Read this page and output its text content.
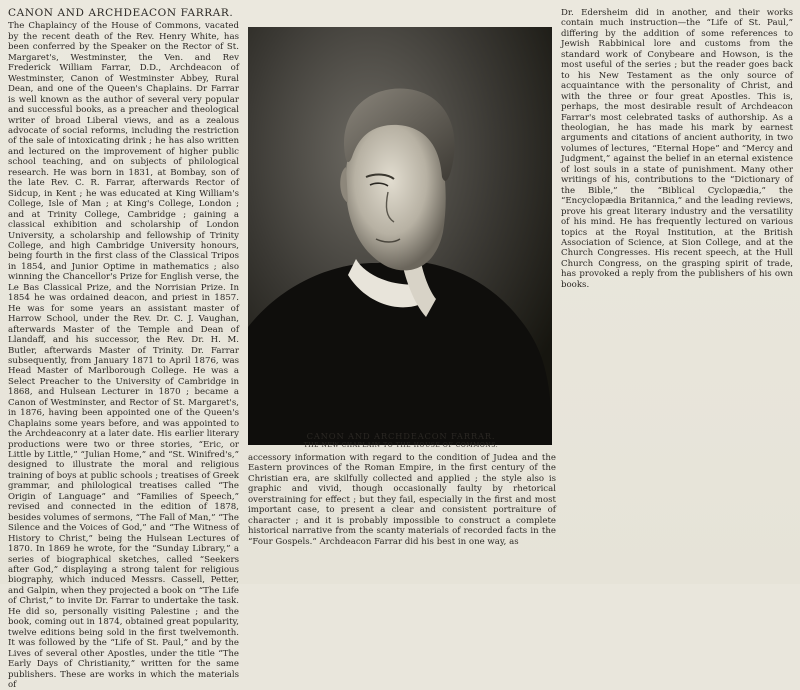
CANON AND ARCHDEACON FARRAR.

The Chaplaincy of the House of Commons, vacated by the recent death of the Rev. Henry White, has been conferred by the Speaker on the Rector of St. Margaret's, Westminster, the Ven. and Rev Frederick William Farrar, D.D., Archdeacon of Westminster, Canon of Westminster Abbey, Rural Dean, and one of the Queen's Chaplains. Dr Farrar is well known as the author of several very popular and successful books, as a preacher and theological writer of broad Liberal views, and as a zealous advocate of social reforms, including the restriction of the sale of intoxicating drink ; he has also written and lectured on the improvement of higher public school teaching, and on subjects of philological research. He was born in 1831, at Bombay, son of the late Rev. C. R. Farrar, afterwards Rector of Sidcup, in Kent ; he was educated at King William's College, Isle of Man ; at King's College, London ; and at Trinity College, Cambridge ; gaining a classical exhibition and scholarship of London University, a scholarship and fellowship of Trinity College, and high Cambridge University honours, being fourth in the first class of the Classical Tripos in 1854, and Junior Optime in mathematics ; also winning the Chancellor's Prize for English verse, the Le Bas Classical Prize, and the Norrisian Prize. In 1854 he was ordained deacon, and priest in 1857. He was for some years an assistant master of Harrow School, under the Rev. Dr. C. J. Vaughan, afterwards Master of the Temple and Dean of Llandaff, and his successor, the Rev. Dr. H. M. Butler, afterwards Master of Trinity. Dr. Farrar subsequently, from January 1871 to April 1876, was Head Master of Marlborough College. He was a Select Preacher to the University of Cambridge in 1868, and Hulsean Lecturer in 1870 ; became a Canon of Westminster, and Rector of St. Margaret's, in 1876, having been appointed one of the Queen's Chaplains some years before, and was appointed to the Archdeaconry at a later date. His earlier literary productions were two or three stories, “Eric, or Little by Little,” “Julian Home,” and “St. Winifred's,” designed to illustrate the moral and religious training of boys at public schools ; treatises of Greek grammar, and philological treatises called “The Origin of Language” and “Families of Speech,” revised and connected in the edition of 1878, besides volumes of sermons, “The Fall of Man,” “The Silence and the Voices of God,” and “The Witness of History to Christ,” being the Hulsean Lectures of 1870. In 1869 he wrote, for the “Sunday Library,” a series of biographical sketches, called “Seekers after God,” displaying a strong talent for religious biography, which induced Messrs. Cassell, Petter, and Galpin, when they projected a book on “The Life of Christ,” to invite Dr. Farrar to undertake the task. He did so, personally visiting Palestine ; and the book, coming out in 1874, obtained great popularity, twelve editions being sold in the first twelvemonth. It was followed by the “Life of St. Paul,” and by the Lives of several other Apostles, under the title “The Early Days of Christianity,” written for the same publishers. These are works in which the materials of

CANON AND ARCHDEACON FARRAR.
THE NEW CHAPLAIN TO THE HOUSE OF COMMONS.

accessory information with regard to the condition of Judea and the Eastern provinces of the Roman Empire, in the first century of the Christian era, are skilfully collected and applied ; the style also is graphic and vivid, though occasionally faulty by rhetorical overstraining for effect ; but they fail, especially in the first and most important case, to present a clear and consistent portraiture of character ; and it is probably impossible to construct a complete historical narrative from the scanty materials of recorded facts in the “Four Gospels.” Archdeacon Farrar did his best in one way, as

Dr. Edersheim did in another, and their works contain much instruction—the “Life of St. Paul,” differing by the addition of some references to Jewish Rabbinical lore and customs from the standard work of Conybeare and Howson, is the most useful of the series ; but the reader goes back to his New Testament as the only source of acquaintance with the personality of Christ, and with the three or four great Apostles. This is, perhaps, the most desirable result of Archdeacon Farrar's most celebrated tasks of authorship. As a theologian, he has made his mark by earnest arguments and citations of ancient authority, in two volumes of lectures, “Eternal Hope” and “Mercy and Judgment,” against the belief in an eternal existence of lost souls in a state of punishment. Many other writings of his, contributions to the “Dictionary of the Bible,” the “Biblical Cyclopædia,” the “Encyclopædia Britannica,” and the leading reviews, prove his great literary industry and the versatility of his mind. He has frequently lectured on various topics at the Royal Institution, at the British Association of Science, at Sion College, and at the Church Congresses. His recent speech, at the Hull Church Congress, on the grasping spirit of trade, has provoked a reply from the publishers of his own books.
